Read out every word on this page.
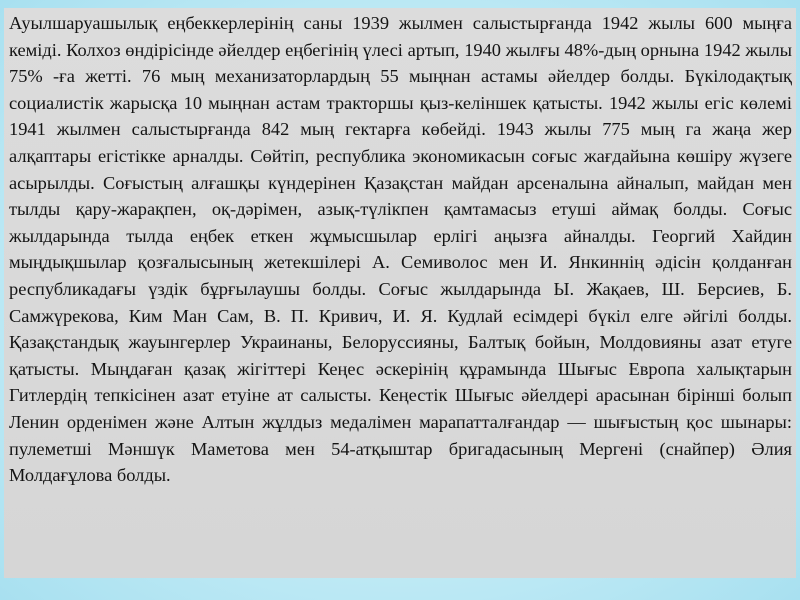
Ауылшаруашылық еңбеккерлерінің саны 1939 жылмен салыстырғанда 1942 жылы 600 мыңға кеміді. Колхоз өндірісінде әйелдер еңбегінің үлесі артып, 1940 жылғы 48%-дың орнына 1942 жылы 75% -ға жетті. 76 мың механизаторлардың 55 мыңнан астамы әйелдер болды. Бүкілодақтық социалистік жарысқа 10 мыңнан астам тракторшы қыз-келіншек қатысты. 1942 жылы егіс көлемі 1941 жылмен салыстырғанда 842 мың гектарға көбейді. 1943 жылы 775 мың га жаңа жер алқаптары егістікке арналды. Сөйтіп, республика экономикасын соғыс жағдайына көшіру жүзеге асырылды. Соғыстың алғашқы күндерінен Қазақстан майдан арсеналына айналып, майдан мен тылды қару-жарақпен, оқ-дәрімен, азық-түлікпен қамтамасыз етуші аймақ болды. Соғыс жылдарында тылда еңбек еткен жұмысшылар ерлігі аңызға айналды. Георгий Хайдин мыңдықшылар қозғалысының жетекшілері А. Семиволос мен И. Янкиннің әдісін қолданған республикадағы үздік бұрғылаушы болды. Соғыс жылдарында Ы. Жақаев, Ш. Берсиев, Б. Самжүрекова, Ким Ман Сам, В. П. Кривич, И. Я. Кудлай есімдері бүкіл елге әйгілі болды. Қазақстандық жауынгерлер Украинаны, Белоруссияны, Балтық бойын, Молдовияны азат етуге қатысты. Мыңдаған қазақ жігіттері Кеңес әскерінің құрамында Шығыс Европа халықтарын Гитлердің тепкісінен азат етуіне ат салысты. Кеңестік Шығыс әйелдері арасынан бірінші болып Ленин орденімен және Алтын жұлдыз медалімен марапатталғандар — шығыстың қос шынары: пулеметші Мәншүк Маметова мен 54-атқыштар бригадасының Мергені (снайпер) Әлия Молдағұлова болды.
